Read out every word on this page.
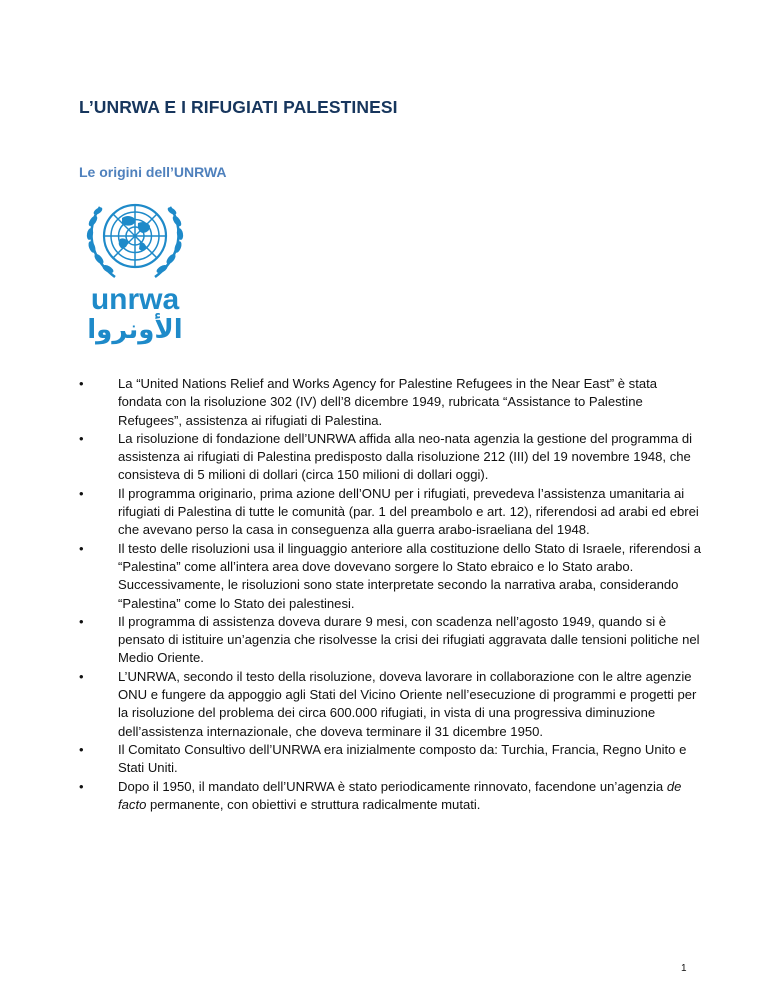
L’UNRWA E I RIFUGIATI PALESTINESI
Le origini dell’UNRWA
unrwa
الأونروا
•	La “United Nations Relief and Works Agency for Palestine Refugees in the Near East” è stata fondata con la risoluzione 302 (IV) dell’8 dicembre 1949, rubricata “Assistance to Palestine Refugees”, assistenza ai rifugiati di Palestina.
•	La risoluzione di fondazione dell’UNRWA affida alla neo-nata agenzia la gestione del programma di assistenza ai rifugiati di Palestina predisposto dalla risoluzione 212 (III) del 19 novembre 1948, che consisteva di 5 milioni di dollari (circa 150 milioni di dollari oggi).
•	Il programma originario, prima azione dell’ONU per i rifugiati, prevedeva l’assistenza umanitaria ai rifugiati di Palestina di tutte le comunità (par. 1 del preambolo e art. 12), riferendosi ad arabi ed ebrei che avevano perso la casa in conseguenza alla guerra arabo-israeliana del 1948.
•	Il testo delle risoluzioni usa il linguaggio anteriore alla costituzione dello Stato di Israele, riferendosi a “Palestina” come all’intera area dove dovevano sorgere lo Stato ebraico e lo Stato arabo. Successivamente, le risoluzioni sono state interpretate secondo la narrativa araba, considerando “Palestina” come lo Stato dei palestinesi.
•	Il programma di assistenza doveva durare 9 mesi, con scadenza nell’agosto 1949, quando si è pensato di istituire un’agenzia che risolvesse la crisi dei rifugiati aggravata dalle tensioni politiche nel Medio Oriente.
•	L’UNRWA, secondo il testo della risoluzione, doveva lavorare in collaborazione con le altre agenzie ONU e fungere da appoggio agli Stati del Vicino Oriente nell’esecuzione di programmi e progetti per la risoluzione del problema dei circa 600.000 rifugiati, in vista di una progressiva diminuzione dell’assistenza internazionale, che doveva terminare il 31 dicembre 1950.
•	Il Comitato Consultivo dell’UNRWA era inizialmente composto da: Turchia, Francia, Regno Unito e Stati Uniti.
•	Dopo il 1950, il mandato dell’UNRWA è stato periodicamente rinnovato, facendone un’agenzia de facto permanente, con obiettivi e struttura radicalmente mutati.
1
